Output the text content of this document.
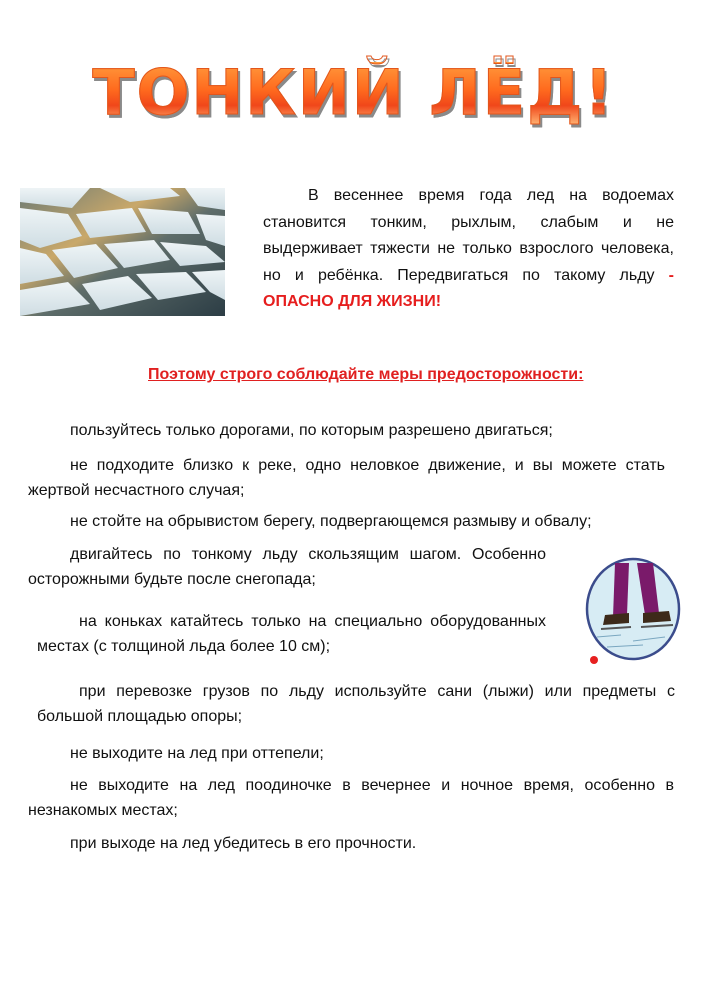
ТОНКИЙ ЛЁД!

В весеннее время года лед на водоемах становится тонким, рыхлым, слабым и не выдерживает тяжести не только взрослого человека, но и ребёнка. Передвигаться по такому льду - ОПАСНО ДЛЯ ЖИЗНИ!

Поэтому строго соблюдайте меры предосторожности:

пользуйтесь только дорогами, по которым разрешено двигаться;

не подходите близко к реке, одно неловкое движение, и вы можете стать жертвой несчастного случая;

не стойте на обрывистом берегу, подвергающемся размыву и обвалу;

двигайтесь по тонкому льду скользящим шагом. Особенно осторожными будьте после снегопада;

на коньках катайтесь только на специально оборудованных местах (с толщиной льда более 10 см);

при перевозке грузов по льду используйте сани (лыжи) или предметы с большой площадью опоры;

не выходите на лед при оттепели;

не выходите на лед поодиночке в вечернее и ночное время, особенно в незнакомых местах;

при выходе на лед убедитесь в его прочности.
